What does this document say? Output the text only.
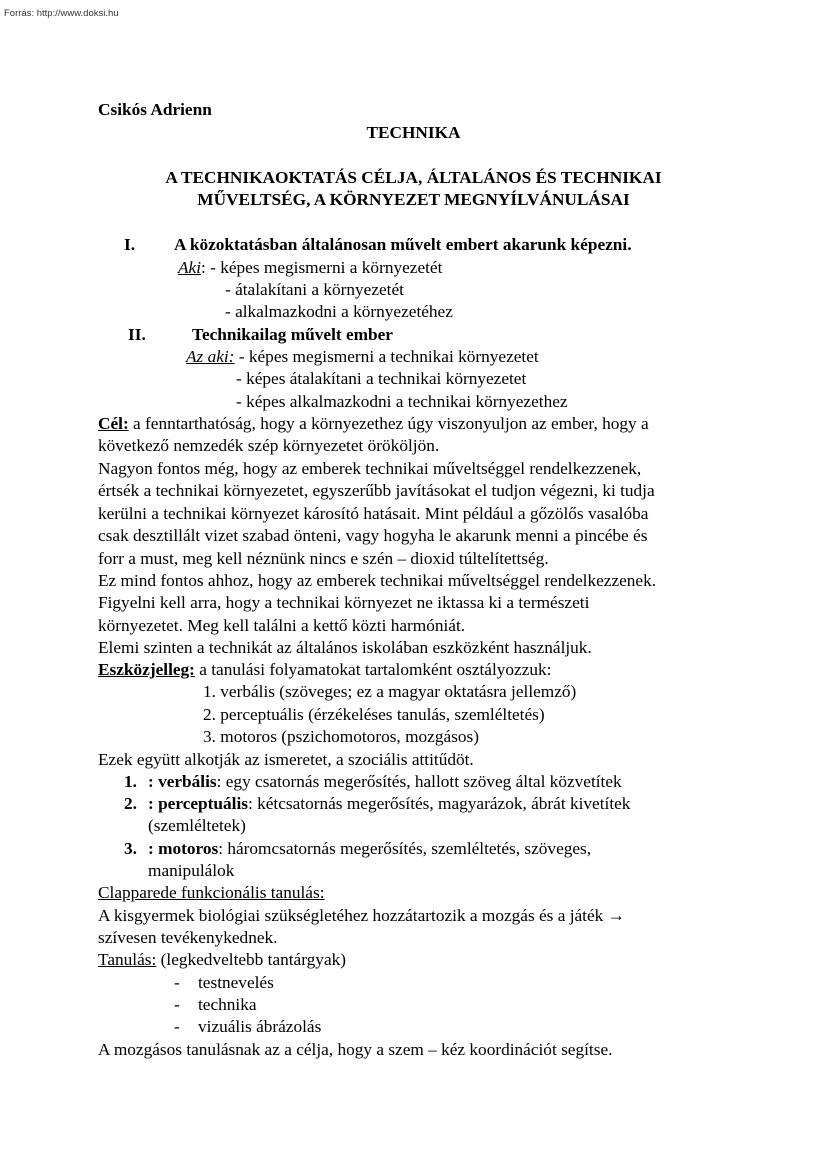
Forrás: http://www.doksi.hu
Csikós Adrienn
TECHNIKA
A TECHNIKAOKTATÁS CÉLJA, ÁLTALÁNOS ÉS TECHNIKAI
MŰVELTSÉG, A KÖRNYEZET MEGNYÍLVÁNULÁSAI
I. A közoktatásban általánosan művelt embert akarunk képezni.
Aki: - képes megismerni a környezetét
- átalakítani a környezetét
- alkalmazkodni a környezetéhez
II.	Technikailag művelt ember
Az aki: - képes megismerni a technikai környezetet
- képes átalakítani a technikai környezetet
- képes alkalmazkodni a technikai környezethez
Cél: a fenntarthatóság, hogy a környezethez úgy viszonyuljon az ember, hogy a
következő nemzedék szép környezetet örököljön.
Nagyon fontos még, hogy az emberek technikai műveltséggel rendelkezzenek,
értsék a technikai környezetet, egyszerűbb javításokat el tudjon végezni, ki tudja
kerülni a technikai környezet károsító hatásait. Mint például a gőzölős vasalóba
csak desztillált vizet szabad önteni, vagy hogyha le akarunk menni a pincébe és
forr a must, meg kell néznünk nincs e szén – dioxid túltelítettség.
Ez mind fontos ahhoz, hogy az emberek technikai műveltséggel rendelkezzenek.
Figyelni kell arra, hogy a technikai környezet ne iktassa ki a természeti
környezetet. Meg kell találni a kettő közti harmóniát.
Elemi szinten a technikát az általános iskolában eszközként használjuk.
Eszközjelleg: a tanulási folyamatokat tartalomként osztályozzuk:
1. verbális (szöveges; ez a magyar oktatásra jellemző)
2. perceptuális (érzékeléses tanulás, szemléltetés)
3. motoros (pszichomotoros, mozgásos)
Ezek együtt alkotják az ismeretet, a szociális attitűdöt.
1. : verbális: egy csatornás megerősítés, hallott szöveg által közvetítek
2. : perceptuális: kétcsatornás megerősítés, magyarázok, ábrát kivetítek
(szemléltetek)
3. : motoros: háromcsatornás megerősítés, szemléltetés, szöveges,
manipulálok
Clapparede funkcionális tanulás:
A kisgyermek biológiai szükségletéhez hozzátartozik a mozgás és a játék →
szívesen tevékenykednek.
Tanulás: (legkedveltebb tantárgyak)
- testnevelés
- technika
- vizuális ábrázolás
A mozgásos tanulásnak az a célja, hogy a szem – kéz koordinációt segítse.
